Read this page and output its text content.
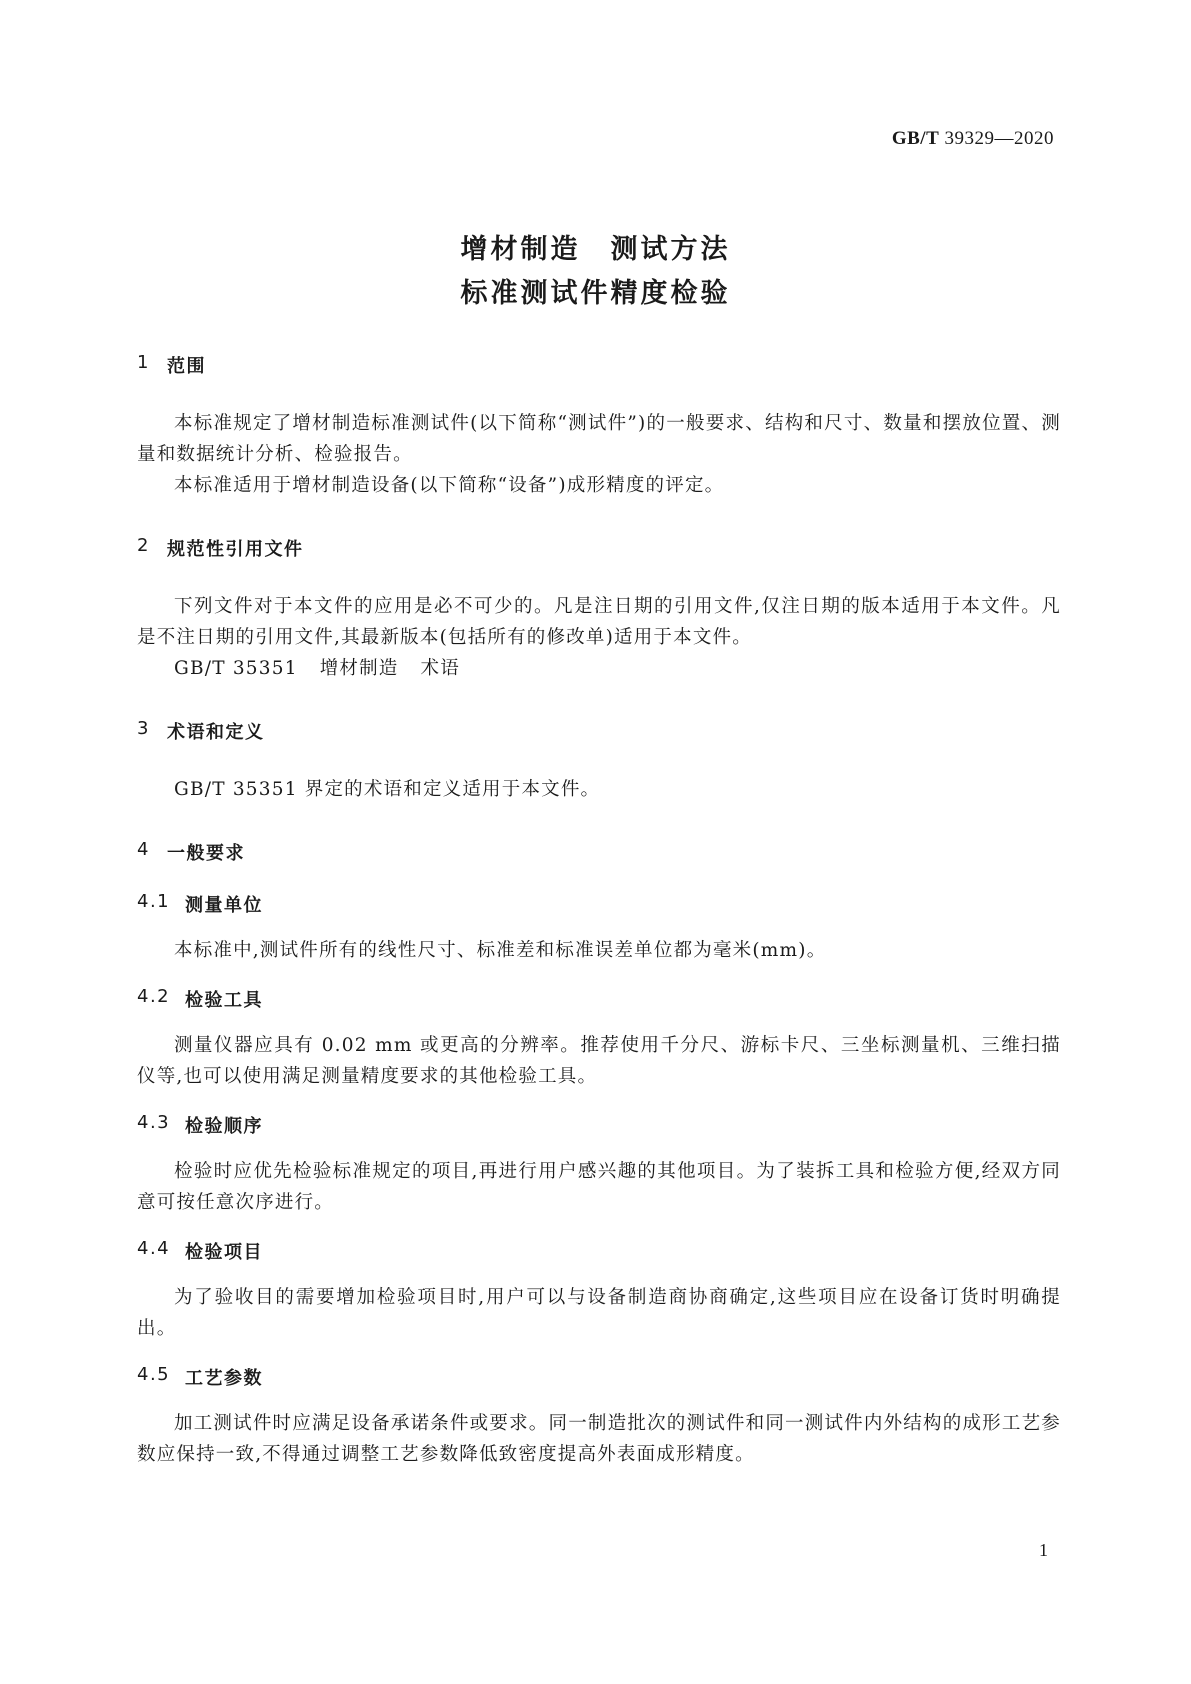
GB/T 39329—2020
增材制造　测试方法
标准测试件精度检验
1 范围
本标准规定了增材制造标准测试件(以下简称“测试件”)的一般要求、结构和尺寸、数量和摆放位置、测量和数据统计分析、检验报告。
本标准适用于增材制造设备(以下简称“设备”)成形精度的评定。
2 规范性引用文件
下列文件对于本文件的应用是必不可少的。凡是注日期的引用文件,仅注日期的版本适用于本文件。凡是不注日期的引用文件,其最新版本(包括所有的修改单)适用于本文件。
GB/T 35351 增材制造 术语
3 术语和定义
GB/T 35351 界定的术语和定义适用于本文件。
4 一般要求
4.1 测量单位
本标准中,测试件所有的线性尺寸、标准差和标准误差单位都为毫米(mm)。
4.2 检验工具
测量仪器应具有 0.02 mm 或更高的分辨率。推荐使用千分尺、游标卡尺、三坐标测量机、三维扫描仪等,也可以使用满足测量精度要求的其他检验工具。
4.3 检验顺序
检验时应优先检验标准规定的项目,再进行用户感兴趣的其他项目。为了装拆工具和检验方便,经双方同意可按任意次序进行。
4.4 检验项目
为了验收目的需要增加检验项目时,用户可以与设备制造商协商确定,这些项目应在设备订货时明确提出。
4.5 工艺参数
加工测试件时应满足设备承诺条件或要求。同一制造批次的测试件和同一测试件内外结构的成形工艺参数应保持一致,不得通过调整工艺参数降低致密度提高外表面成形精度。
1
